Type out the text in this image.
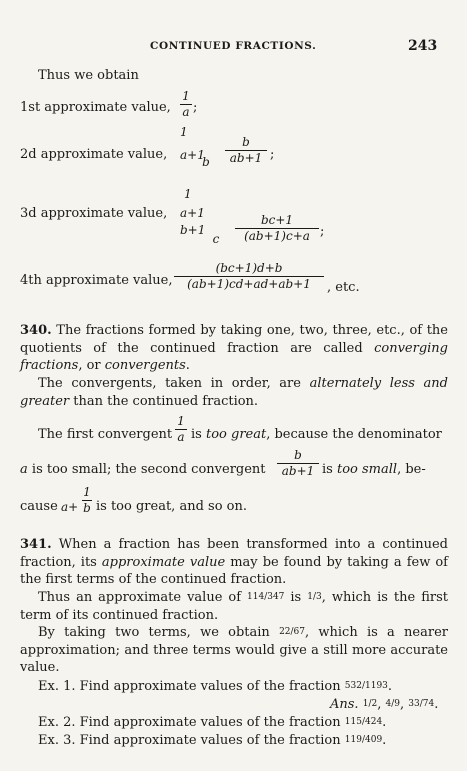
CONTINUED FRACTIONS.	243
Thus we obtain
1st approximate value,
1
a ;
2d approximate value,
1
a+1
b
b
ab+1 ;
3d approximate value,
1
a+1
b+1
c
bc+1
(ab+1)c+a ;
4th approximate value,
(bc+1)d+b
(ab+1)cd+ad+ab+1	, etc.
340. The fractions formed by taking one, two, three, etc., of the quotients of the continued fraction are called converging fractions, or convergents.
The convergents, taken in order, are alternately less and greater than the continued fraction.
The first convergent
1
a is too great, because the denominator
a is too small; the second convergent
b
ab+1 is too small, be-
cause a+
1
b is too great, and so on.
341. When a fraction has been transformed into a continued fraction, its approximate value may be found by taking a few of the first terms of the continued fraction.
Thus an approximate value of 114/347 is 1/3, which is the first term of its continued fraction.
By taking two terms, we obtain 22/67, which is a nearer approximation; and three terms would give a still more accurate value.
Ex. 1. Find approximate values of the fraction 532/1193.
Ans. 1/2, 4/9, 33/74.
Ex. 2. Find approximate values of the fraction 115/424.
Ex. 3. Find approximate values of the fraction 119/409.
